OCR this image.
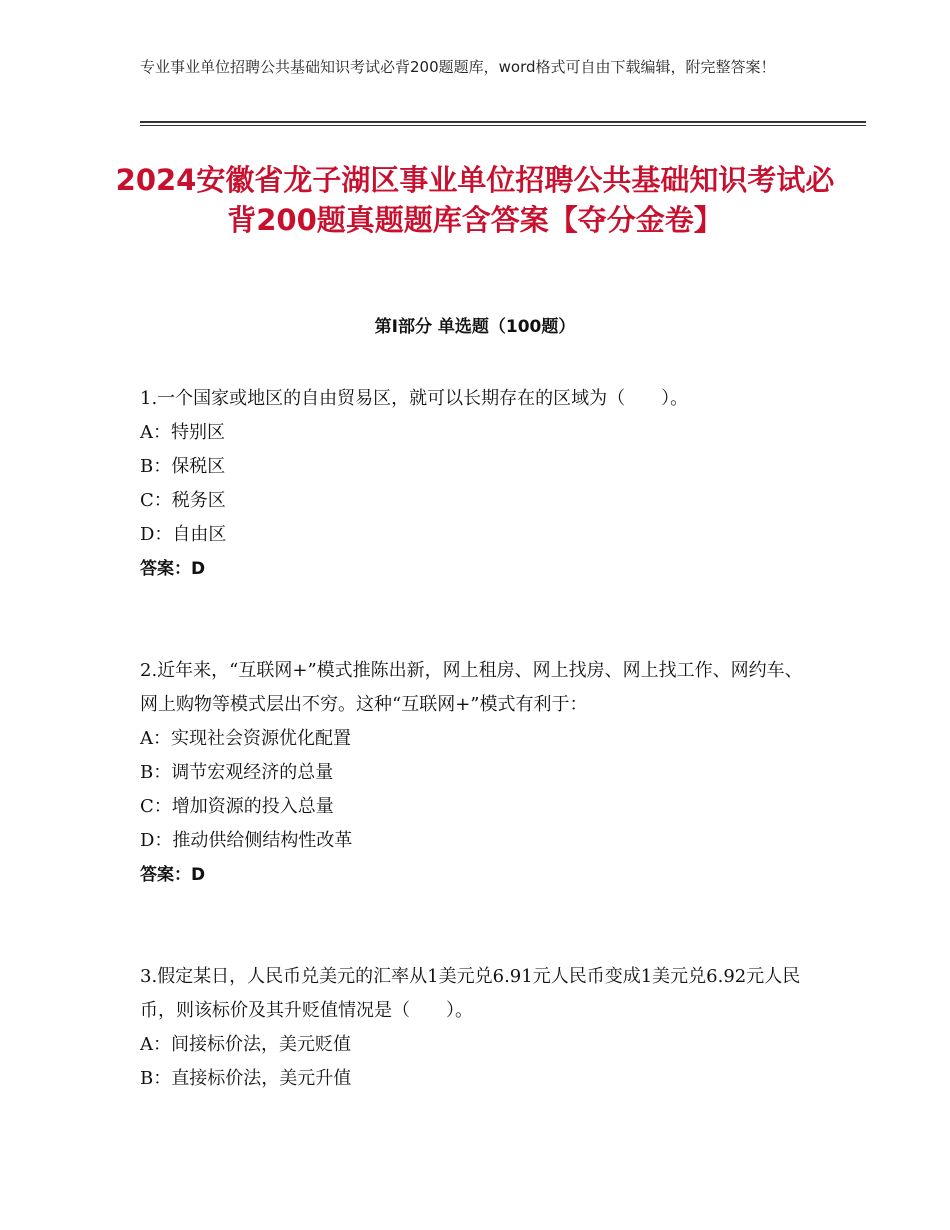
专业事业单位招聘公共基础知识考试必背200题题库，word格式可自由下载编辑，附完整答案！
2024安徽省龙子湖区事业单位招聘公共基础知识考试必背200题真题题库含答案【夺分金卷】
第Ⅰ部分 单选题（100题）

1.一个国家或地区的自由贸易区，就可以长期存在的区域为（　　）。

A：特别区

B：保税区

C：税务区

D：自由区

答案：D

2.近年来，“互联网+”模式推陈出新，网上租房、网上找房、网上找工作、网约车、网上购物等模式层出不穷。这种“互联网+”模式有利于：

A：实现社会资源优化配置

B：调节宏观经济的总量

C：增加资源的投入总量

D：推动供给侧结构性改革

答案：D

3.假定某日，人民币兑美元的汇率从1美元兑6.91元人民币变成1美元兑6.92元人民币，则该标价及其升贬值情况是（　　）。

A：间接标价法，美元贬值

B：直接标价法，美元升值
